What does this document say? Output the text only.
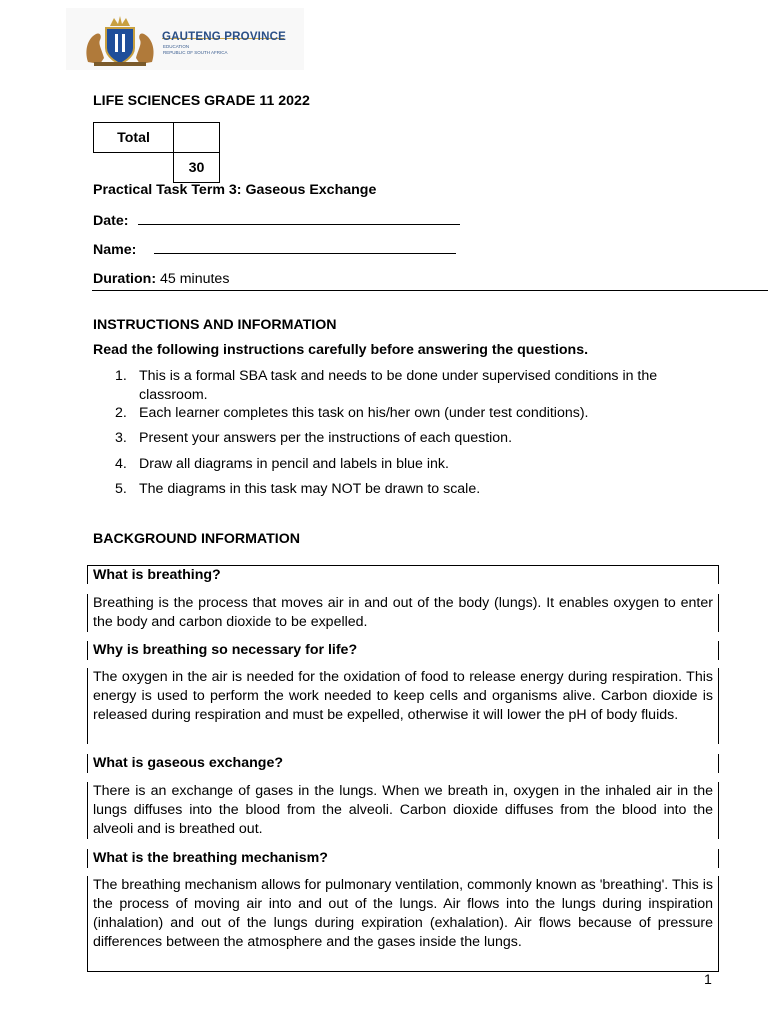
GAUTENG PROVINCE
EDUCATION
REPUBLIC OF SOUTH AFRICA
LIFE SCIENCES GRADE 11 2022
Total
30
Practical Task Term 3: Gaseous Exchange
Date:
Name:
Duration: 45 minutes
INSTRUCTIONS AND INFORMATION
Read the following instructions carefully before answering the questions.
1. This is a formal SBA task and needs to be done under supervised conditions in the classroom.
2. Each learner completes this task on his/her own (under test conditions).
3. Present your answers per the instructions of each question.
4. Draw all diagrams in pencil and labels in blue ink.
5. The diagrams in this task may NOT be drawn to scale.
BACKGROUND INFORMATION
What is breathing?
Breathing is the process that moves air in and out of the body (lungs). It enables oxygen to enter the body and carbon dioxide to be expelled.
Why is breathing so necessary for life?
The oxygen in the air is needed for the oxidation of food to release energy during respiration. This energy is used to perform the work needed to keep cells and organisms alive. Carbon dioxide is released during respiration and must be expelled, otherwise it will lower the pH of body fluids.
What is gaseous exchange?
There is an exchange of gases in the lungs. When we breath in, oxygen in the inhaled air in the lungs diffuses into the blood from the alveoli. Carbon dioxide diffuses from the blood into the alveoli and is breathed out.
What is the breathing mechanism?
The breathing mechanism allows for pulmonary ventilation, commonly known as 'breathing'. This is the process of moving air into and out of the lungs. Air flows into the lungs during inspiration (inhalation) and out of the lungs during expiration (exhalation). Air flows because of pressure differences between the atmosphere and the gases inside the lungs.
1
